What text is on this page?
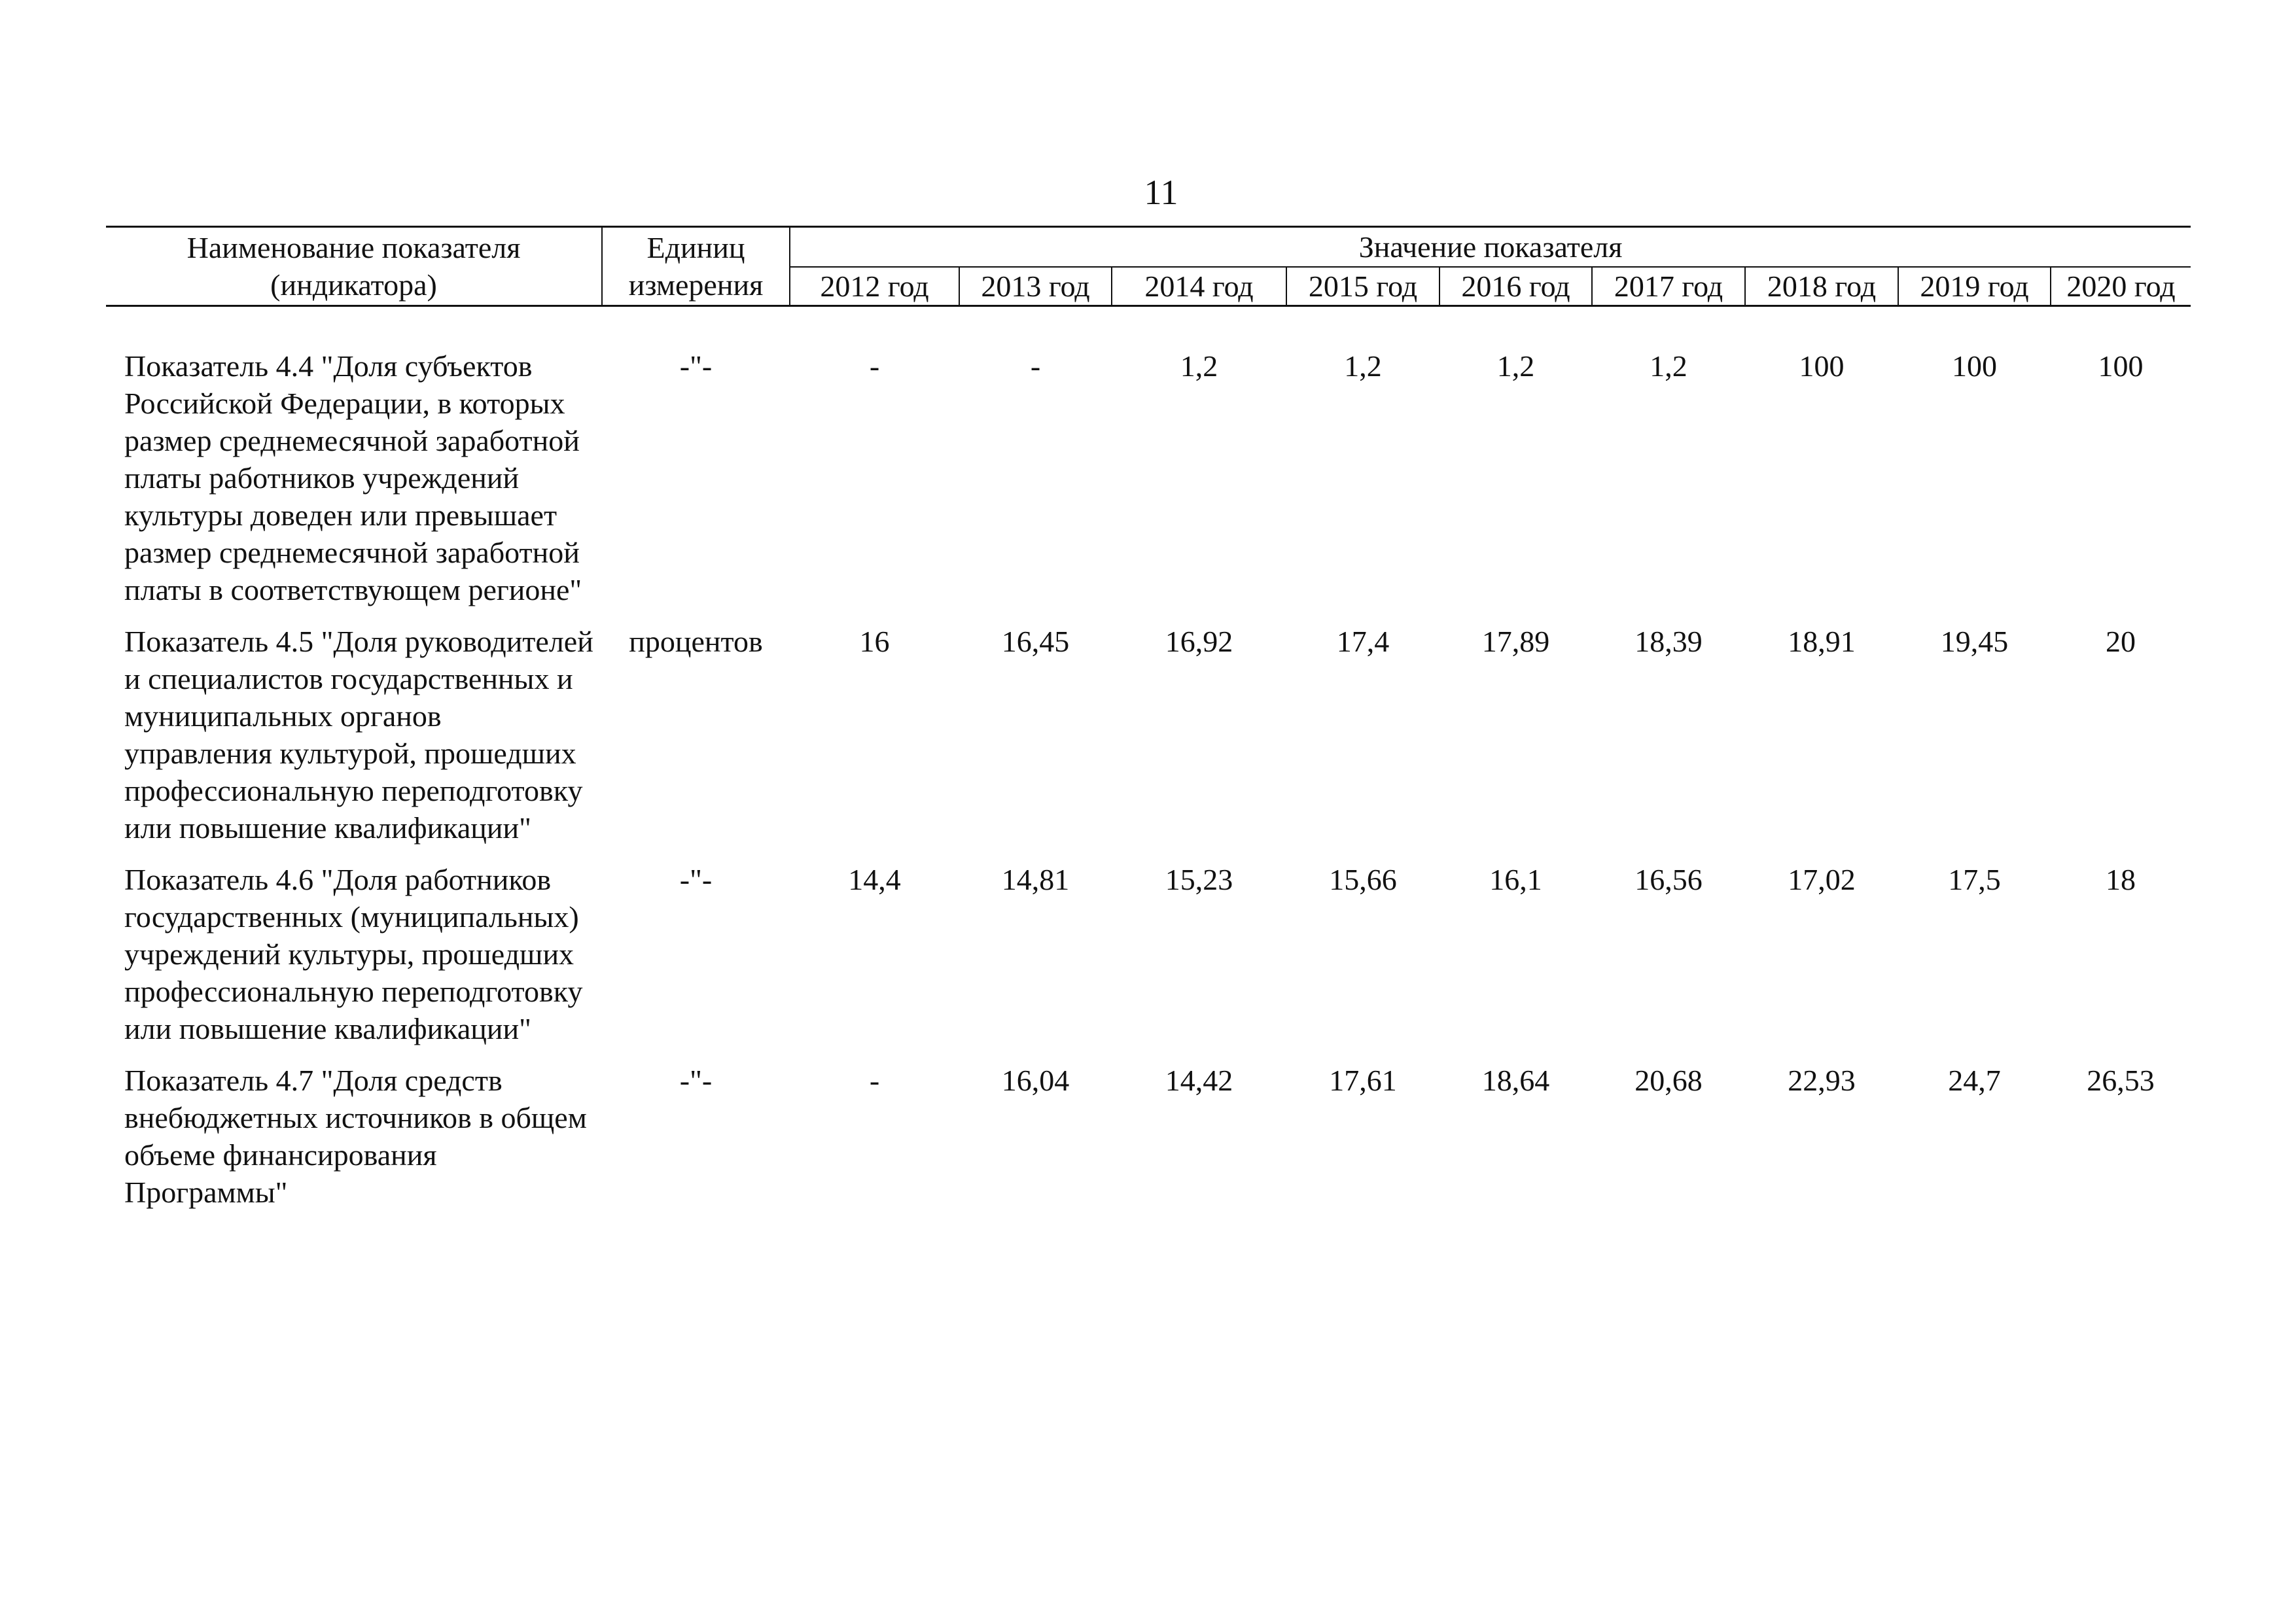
11
Наименование показателя (индикатора)	Единиц измерения	Значение показателя								
		2012 год	2013 год	2014 год	2015 год	2016 год	2017 год	2018 год	2019 год	2020 год

Показатель 4.4 "Доля субъектов Российской Федерации, в которых размер среднемесячной заработной платы работников учреждений культуры доведен или превышает размер среднемесячной заработной платы в соответствующем регионе"	-"-	-	-	1,2	1,2	1,2	1,2	100	100	100

Показатель 4.5 "Доля руководителей и специалистов государственных и муниципальных органов управления культурой, прошедших профессиональную переподготовку или повышение квалификации"	процентов	16	16,45	16,92	17,4	17,89	18,39	18,91	19,45	20

Показатель 4.6 "Доля работников государственных (муниципальных) учреждений культуры, прошедших профессиональную переподготовку или повышение квалификации"	-"-	14,4	14,81	15,23	15,66	16,1	16,56	17,02	17,5	18

Показатель 4.7 "Доля средств внебюджетных источников в общем объеме финансирования Программы"	-"-	-	16,04	14,42	17,61	18,64	20,68	22,93	24,7	26,53
